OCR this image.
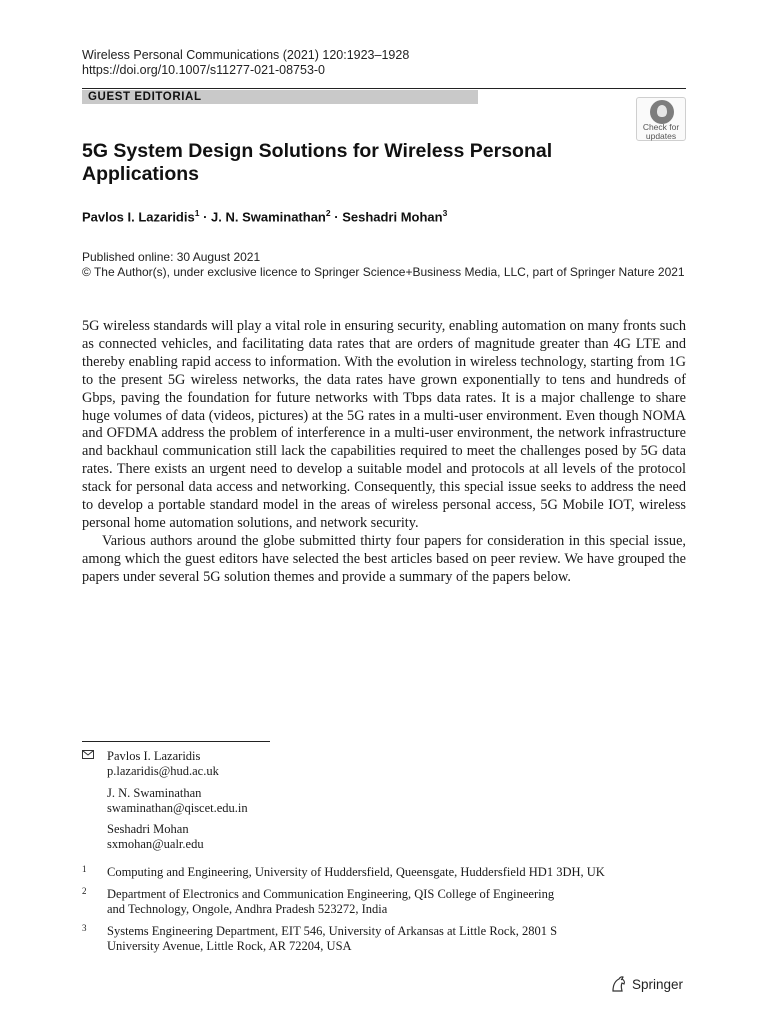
Wireless Personal Communications (2021) 120:1923–1928
https://doi.org/10.1007/s11277-021-08753-0
GUEST EDITORIAL
Check for
updates
5G System Design Solutions for Wireless Personal
Applications
Pavlos I. Lazaridis$^1$ · J. N. Swaminathan$^2$ · Seshadri Mohan$^3$
Published online: 30 August 2021
© The Author(s), under exclusive licence to Springer Science+Business Media, LLC, part of Springer Nature 2021

5G wireless standards will play a vital role in ensuring security, enabling automation on many fronts such as connected vehicles, and facilitating data rates that are orders of magnitude greater than 4G LTE and thereby enabling rapid access to information. With the evolution in wireless technology, starting from 1G to the present 5G wireless networks, the data rates have grown exponentially to tens and hundreds of Gbps, paving the foundation for future networks with Tbps data rates. It is a major challenge to share huge volumes of data (videos, pictures) at the 5G rates in a multi-user environment. Even though NOMA and OFDMA address the problem of interference in a multi-user environment, the network infrastructure and backhaul communication still lack the capabilities required to meet the challenges posed by 5G data rates. There exists an urgent need to develop a suitable model and protocols at all levels of the protocol stack for personal data access and networking. Consequently, this special issue seeks to address the need to develop a portable standard model in the areas of wireless personal access, 5G Mobile IOT, wireless personal home automation solutions, and network security.

Various authors around the globe submitted thirty four papers for consideration in this special issue, among which the guest editors have selected the best articles based on peer review. We have grouped the papers under several 5G solution themes and provide a summary of the papers below.

Pavlos I. Lazaridis
p.lazaridis@hud.ac.uk
J. N. Swaminathan
swaminathan@qiscet.edu.in
Seshadri Mohan
sxmohan@ualr.edu
1 Computing and Engineering, University of Huddersfield, Queensgate, Huddersfield HD1 3DH, UK
2 Department of Electronics and Communication Engineering, QIS College of Engineering
and Technology, Ongole, Andhra Pradesh 523272, India
3 Systems Engineering Department, EIT 546, University of Arkansas at Little Rock, 2801 S
University Avenue, Little Rock, AR 72204, USA
Springer
